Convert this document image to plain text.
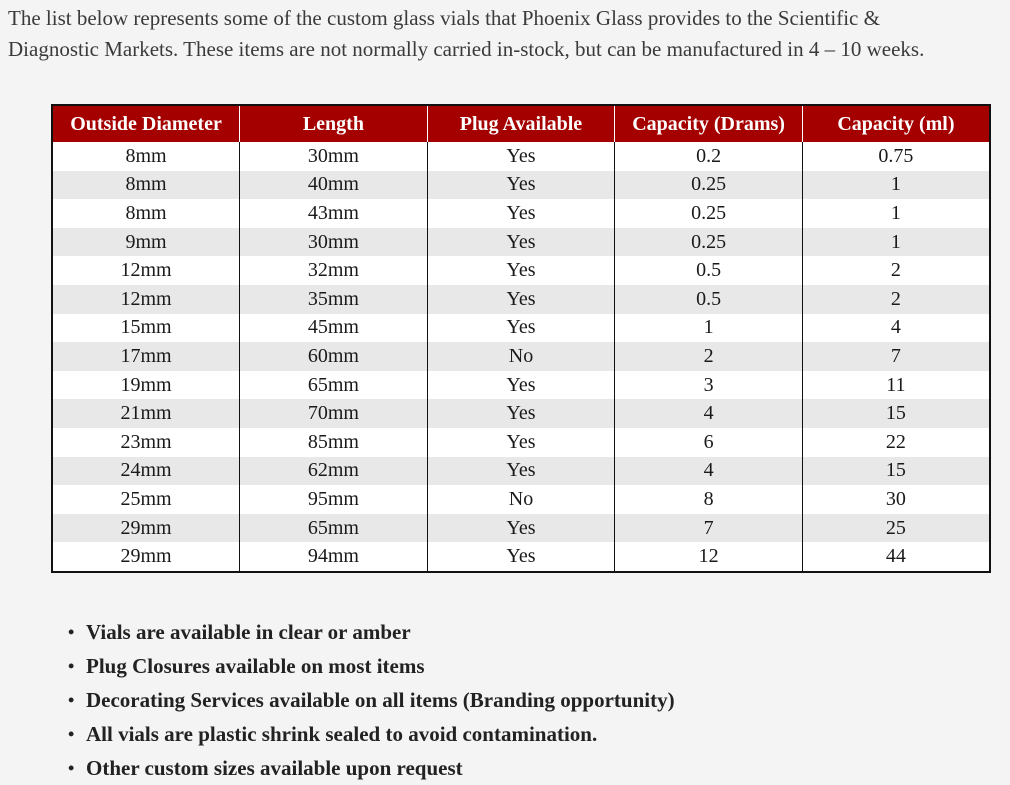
The list below represents some of the custom glass vials that Phoenix Glass provides to the Scientific &

Diagnostic Markets. These items are not normally carried in-stock, but can be manufactured in 4 – 10 weeks.

Outside Diameter	Length	Plug Available	Capacity (Drams)	Capacity (ml)
8mm	30mm	Yes	0.2	0.75
8mm	40mm	Yes	0.25	1
8mm	43mm	Yes	0.25	1
9mm	30mm	Yes	0.25	1
12mm	32mm	Yes	0.5	2
12mm	35mm	Yes	0.5	2
15mm	45mm	Yes	1	4
17mm	60mm	No	2	7
19mm	65mm	Yes	3	11
21mm	70mm	Yes	4	15
23mm	85mm	Yes	6	22
24mm	62mm	Yes	4	15
25mm	95mm	No	8	30
29mm	65mm	Yes	7	25
29mm	94mm	Yes	12	44
• Vials are available in clear or amber
• Plug Closures available on most items
• Decorating Services available on all items (Branding opportunity)
• All vials are plastic shrink sealed to avoid contamination.
• Other custom sizes available upon request
